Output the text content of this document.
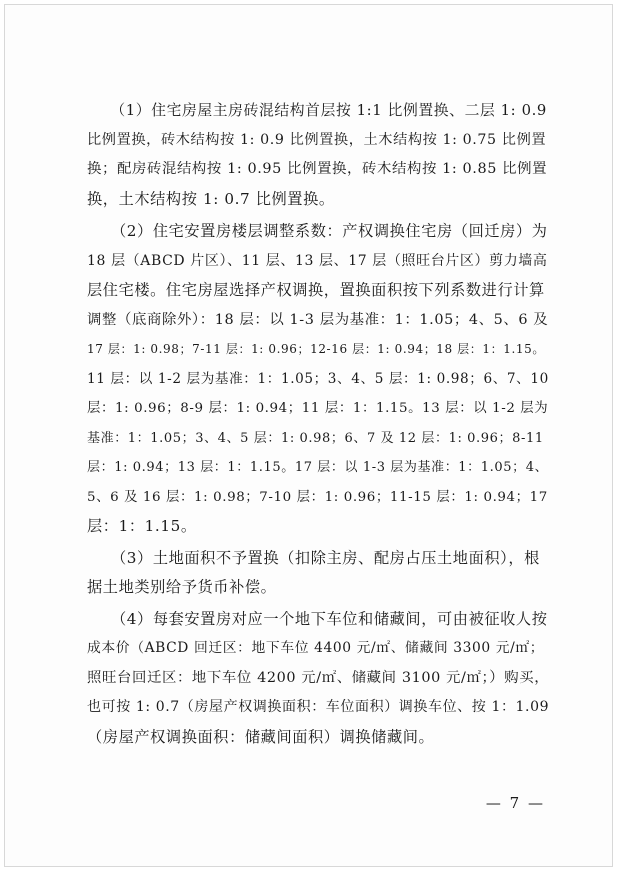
　　（1）住宅房屋主房砖混结构首层按 1:1 比例置换、二层 1: 0.9
比例置换，砖木结构按 1: 0.9 比例置换，土木结构按 1: 0.75 比例置
换；配房砖混结构按 1: 0.95 比例置换，砖木结构按 1: 0.85 比例置
换，土木结构按 1: 0.7 比例置换。
　　（2）住宅安置房楼层调整系数：产权调换住宅房（回迁房）为
18 层（ABCD 片区）、11 层、13 层、17 层（照旺台片区）剪力墙高
层住宅楼。住宅房屋选择产权调换，置换面积按下列系数进行计算
调整（底商除外）：18 层：以 1-3 层为基准：1：1.05；4、5、6 及
17 层：1: 0.98；7-11 层：1: 0.96；12-16 层：1: 0.94；18 层：1：1.15。
11 层：以 1-2 层为基准：1：1.05；3、4、5 层：1: 0.98；6、7、10
层：1: 0.96；8-9 层：1: 0.94；11 层：1：1.15。13 层：以 1-2 层为
基准：1：1.05；3、4、5 层：1: 0.98；6、7 及 12 层：1: 0.96；8-11
层：1: 0.94；13 层：1：1.15。17 层：以 1-3 层为基准：1：1.05；4、
5、6 及 16 层：1: 0.98；7-10 层：1: 0.96；11-15 层：1: 0.94；17
层：1：1.15。
　　（3）土地面积不予置换（扣除主房、配房占压土地面积），根
据土地类别给予货币补偿。
　　（4）每套安置房对应一个地下车位和储藏间，可由被征收人按
成本价（ABCD 回迁区：地下车位 4400 元/㎡、储藏间 3300 元/㎡；
照旺台回迁区：地下车位 4200 元/㎡、储藏间 3100 元/㎡；）购买，
也可按 1: 0.7（房屋产权调换面积：车位面积）调换车位、按 1：1.09
（房屋产权调换面积：储藏间面积）调换储藏间。
— 7 —
